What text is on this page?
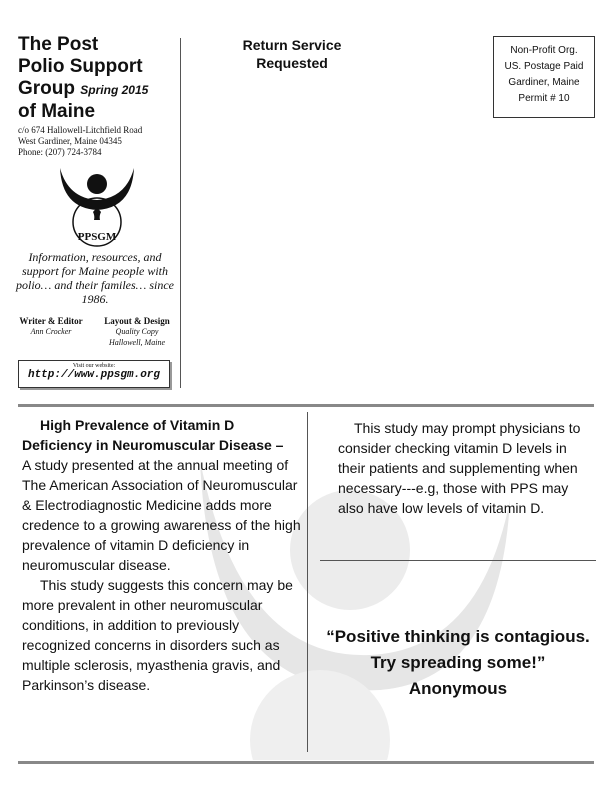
The Post
Polio Support
Group Spring 2015
of Maine
c/o 674 Hallowell-Litchfield Road
West Gardiner, Maine 04345
Phone: (207) 724-3784
PPSGM
Information, resources, and support for Maine people with polio… and their familes… since 1986.
Writer & Editor
Ann Crocker
Layout & Design
Quality Copy
Hallowell, Maine
Visit our website:
http://www.ppsgm.org
Return Service Requested
Non-Profit Org.
US. Postage Paid
Gardiner, Maine
Permit # 10
High Prevalence of Vitamin D
Deficiency in Neuromuscular Disease –

A study presented at the annual meeting of The American Association of Neuromuscular & Electrodiagnostic Medicine adds more credence to a growing awareness of the high prevalence of vitamin D deficiency in neuromuscular disease.

This study suggests this concern may be more prevalent in other neuromuscular conditions, in addition to previously recognized concerns in disorders such as multiple sclerosis, myasthenia gravis, and Parkinson’s disease.

This study may prompt physicians to consider checking vitamin D levels in their patients and supplementing when necessary---e.g, those with PPS may also have low levels of vitamin D.

“Positive thinking is contagious.
Try spreading some!”
Anonymous
